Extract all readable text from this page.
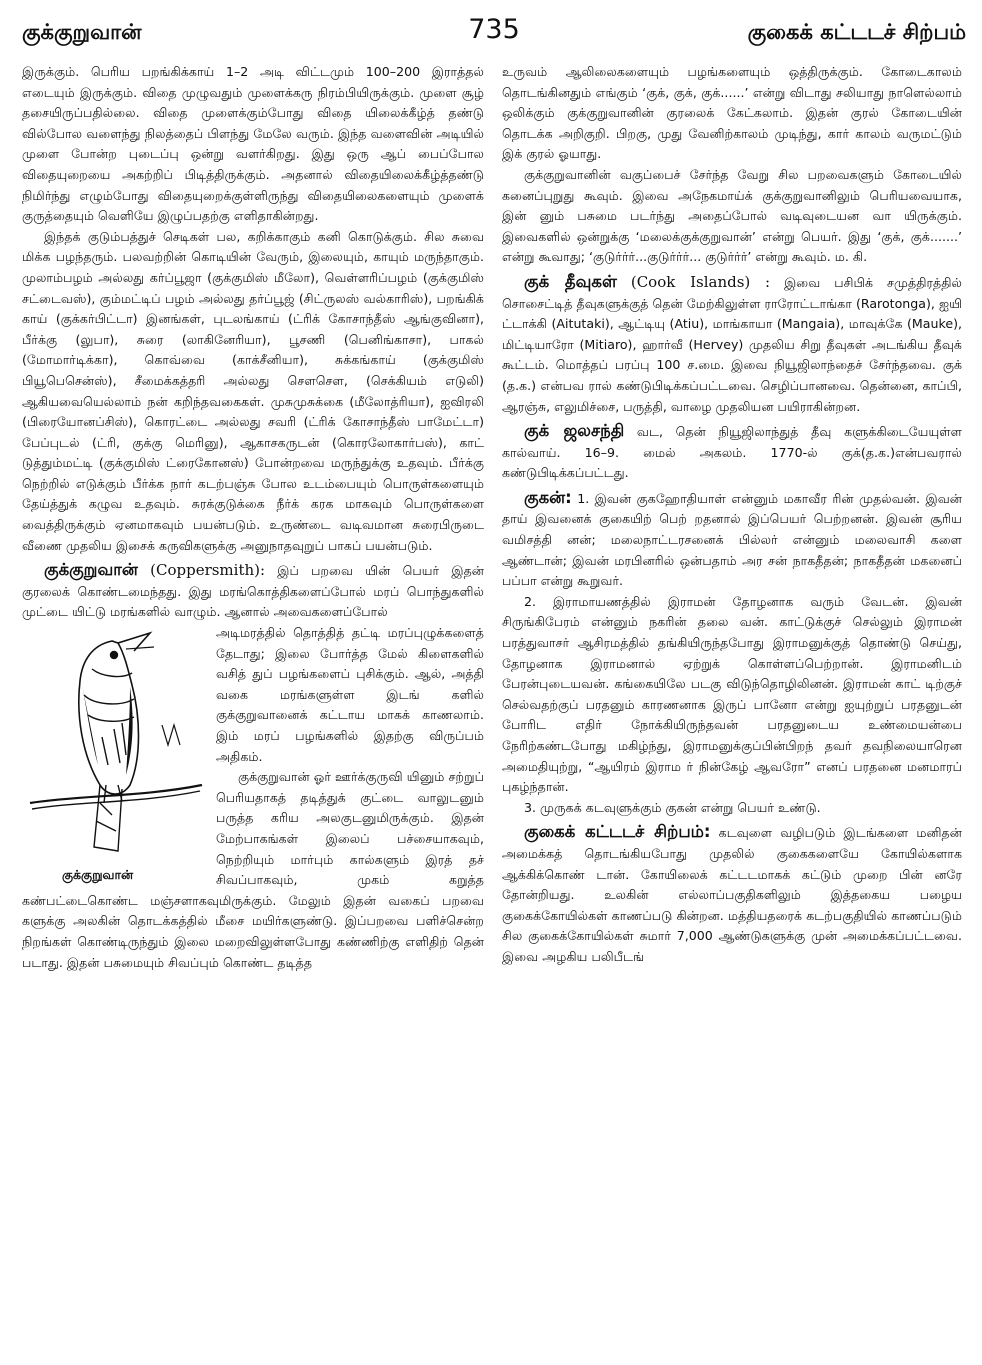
குக்குறுவான்	735	குகைக் கட்டடச் சிற்பம்

இருக்கும். பெரிய பறங்கிக்காய் 1–2 அடி விட்டமும் 100–200 இராத்தல் எடையும் இருக்கும். விதை முழுவதும் முளைக்கரு நிரம்பியிருக்கும். முளை சூழ் தசையிருப்பதில்லை. விதை முளைக்கும்போது விதை யிலைக்கீழ்த் தண்டு வில்போல வளைந்து நிலத்தைப் பிளந்து மேலே வரும். இந்த வளைவின் அடியில் முளை போன்ற புடைப்பு ஒன்று வளர்கிறது. இது ஒரு ஆப் பைப்போல விதையுறையை அகற்றிப் பிடித்திருக்கும். அதனால் விதையிலைக்கீழ்த்தண்டு நிமிர்ந்து எழும்போது விதையுறைக்குள்ளிருந்து விதையிலைகளையும் முளைக் குருத்தையும் வெளியே இழுப்பதற்கு எளிதாகின்றது.

இந்தக் குடும்பத்துச் செடிகள் பல, கறிக்காகும் கனி கொடுக்கும். சில சுவை மிக்க பழந்தரும். பலவற்றின் கொடியின் வேரும், இலையும், காயும் மருந்தாகும். முலாம்பழம் அல்லது கர்ப்பூஜா (குக்குமிஸ் மீலோ), வெள்ளரிப்பழம் (குக்குமிஸ் சட்டைவஸ்), கும்மட்டிப் பழம் அல்லது தர்ப்பூஜ் (சிட்ருலஸ் வல்காரிஸ்), பறங்கிக் காய் (குக்கர்பிட்டா) இனங்கள், புடலங்காய் (ட்ரிக் கோசாந்தீஸ் ஆங்குவினா), பீர்க்கு (லுபா), சுரை (லாகினேரியா), பூசணி (பெனிங்காசா), பாகல் (மோமார்டிக்கா), கொவ்வை (காக்சீனியா), சுக்கங்காய் (குக்குமிஸ் பியூபெசென்ஸ்), சீமைக்கத்தரி அல்லது சௌசௌ, (செக்கியம் எடுலி) ஆகியவையெல்லாம் நன் கறிந்தவகைகள். முசுமுசுக்கை (மீலோத்ரியா), ஐவிரலி (பிரையோனப்சிஸ்), கொரட்டை அல்லது சவரி (ட்ரிக் கோசாந்தீஸ் பாமேட்டா) பேப்புடல் (ட்ரி, குக்கு மெரினு), ஆகாசகருடன் (கொரலோகார்பஸ்), காட் டுத்தும்மட்டி (குக்குமிஸ் ட்ரைகோனஸ்) போன்றவை மருந்துக்கு உதவும். பீர்க்கு நெற்றில் எடுக்கும் பீர்க்க நார் கடற்பஞ்சு போல உடம்பையும் பொருள்களையும் தேய்த்துக் கழுவ உதவும். சுரக்குடுக்கை நீர்க் கரக மாகவும் பொருள்களை வைத்திருக்கும் ஏனமாகவும் பயன்படும். உருண்டை வடிவமான சுரைபிருடை வீணை முதலிய இசைக் கருவிகளுக்கு அனுநாதவுறுப் பாகப் பயன்படும்.

குக்குறுவான் (Coppersmith): இப் பறவை யின் பெயர் இதன் குரலைக் கொண்டமைந்தது. இது மரங்கொத்திகளைப்போல் மரப் பொந்துகளில் முட்டை யிட்டு மரங்களில் வாழும். ஆனால் அவைகளைப்போல்

குக்குறுவான்

அடிமரத்தில் தொத்தித் தட்டி மரப்புழுக்களைத் தேடாது; இலை போர்த்த மேல் கிளைகளில் வசித் துப் பழங்களைப் புசிக்கும். ஆல், அத்தி வகை மரங்களுள்ள இடங் களில் குக்குறுவானைக் கட்டாய மாகக் காணலாம். இம் மரப் பழங்களில் இதற்கு விருப்பம் அதிகம்.

குக்குறுவான் ஓர் ஊர்க்குருவி யினும் சற்றுப் பெரியதாகத் தடித்துக் குட்டை வாலுடனும் பருத்த கரிய அலகுடனுமிருக்கும். இதன் மேற்பாகங்கள் இலைப் பச்சையாகவும், நெற்றியும் மார்பும் கால்களும் இரத் தச் சிவப்பாகவும், முகம் கறுத்த கண்பட்டைகொண்ட மஞ்சளாகவுமிருக்கும். மேலும் இதன் வகைப் பறவை களுக்கு அலகின் தொடக்கத்தில் மீசை மயிர்களுண்டு. இப்பறவை பளிச்சென்ற நிறங்கள் கொண்டிருந்தும் இலை மறைவிலுள்ளபோது கண்ணிற்கு எளிதிற் தென் படாது. இதன் பசுமையும் சிவப்பும் கொண்ட தடித்த

உருவம் ஆலிலைகளையும் பழங்களையும் ஒத்திருக்கும். கோடைகாலம் தொடங்கினதும் எங்கும் ‘குக், குக், குக்......’ என்று விடாது சலியாது நாளெல்லாம் ஒலிக்கும் குக்குறுவானின் குரலைக் கேட்கலாம். இதன் குரல் கோடையின் தொடக்க அறிகுறி. பிறகு, முது வேனிற்காலம் முடிந்து, கார் காலம் வருமட்டும் இக் குரல் ஓயாது.

குக்குறுவானின் வகுப்பைச் சேர்ந்த வேறு சில பறவைகளும் கோடையில் கனைப்புறுது கூவும். இவை அநேகமாய்க் குக்குறுவானிலும் பெரியவையாக, இன் னும் பசுமை படர்ந்து அதைப்போல் வடிவுடையன வா யிருக்கும். இவைகளில் ஒன்றுக்கு ‘மலைக்குக்குறுவான்’ என்று பெயர். இது ‘குக், குக்.......’ என்று கூவாது; ‘குடுர்ர்ர்...குடுர்ர்ர்... குடுர்ர்ர்’ என்று கூவும். ம. கி.

குக் தீவுகள் (Cook Islands) : இவை பசிபிக் சமுத்திரத்தில் சொசைட்டித் தீவுகளுக்குத் தென் மேற்கிலுள்ள ராரோட்டாங்கா (Rarotonga), ஐயி ட்டாக்கி (Aitutaki), ஆட்டியு (Atiu), மாங்காயா (Mangaia), மாவுக்கே (Mauke), மிட்டியாரோ (Mitiaro), ஹார்வீ (Hervey) முதலிய சிறு தீவுகள் அடங்கிய தீவுக் கூட்டம். மொத்தப் பரப்பு 100 ச.மை. இவை நியூஜிலாந்தைச் சேர்ந்தவை. குக் (த.க.) என்பவ ரால் கண்டுபிடிக்கப்பட்டவை. செழிப்பானவை. தென்னை, காப்பி, ஆரஞ்சு, எலுமிச்சை, பருத்தி, வாழை முதலியன பயிராகின்றன.

குக் ஜலசந்தி வட, தென் நியூஜிலாந்துத் தீவு களுக்கிடையேயுள்ள கால்வாய். 16–9. மைல் அகலம். 1770-ல் குக்(த.க.)என்பவரால் கண்டுபிடிக்கப்பட்டது.

குகன்: 1. இவன் குகஹோதியாள் என்னும் மகாவீர ரின் முதல்வன். இவன் தாய் இவனைக் குகையிற் பெற் றதனால் இப்பெயர் பெற்றனன். இவன் சூரிய வமிசத்தி னன்; மலைநாட்டரசனைக் பில்லர் என்னும் மலைவாசி களை ஆண்டான்; இவன் மரபினரில் ஒன்பதாம் அர சன் நாகதீதன்; நாகதீதன் மகனைப் பப்பா என்று கூறுவர்.

2. இராமாயணத்தில் இராமன் தோழனாக வரும் வேடன். இவன் சிருங்கிபேரம் என்னும் நகரின் தலை வன். காட்டுக்குச் செல்லும் இராமன் பரத்துவாசர் ஆசிரமத்தில் தங்கியிருந்தபோது இராமனுக்குத் தொண்டு செய்து, தோழனாக இராமனால் ஏற்றுக் கொள்ளப்பெற்றான். இராமனிடம் பேரன்புடையவன். கங்கையிலே படகு விடுந்தொழிலினன். இராமன் காட் டிற்குச் செல்வதற்குப் பரதனும் காரணனாக இருப் பானோ என்று ஐயுற்றுப் பரதனுடன் போரிட எதிர் நோக்கியிருந்தவன் பரதனுடைய உண்மையன்பை நேரிற்கண்டபோது மகிழ்ந்து, இராமனுக்குப்பின்பிறந் தவர் தவநிலையாரென அமைதியுற்று, “ஆயிரம் இராம ர் நின்கேழ் ஆவரோ” எனப் பரதனை மனமாரப் புகழ்ந்தான்.

3. முருகக் கடவுளுக்கும் குகன் என்று பெயர் உண்டு.

குகைக் கட்டடச் சிற்பம்: கடவுளை வழிபடும் இடங்களை மனிதன் அமைக்கத் தொடங்கியபோது முதலில் குகைகளையே கோயில்களாக ஆக்கிக்கொண் டான். கோயிலைக் கட்டடமாகக் கட்டும் முறை பின் னரே தோன்றியது. உலகின் எல்லாப்பகுதிகளிலும் இத்தகைய பழைய குகைக்கோயில்கள் காணப்படு கின்றன. மத்தியதரைக் கடற்பகுதியில் காணப்படும் சில குகைக்கோயில்கள் சுமார் 7,000 ஆண்டுகளுக்கு முன் அமைக்கப்பட்டவை. இவை அழகிய பலிபீடங்
